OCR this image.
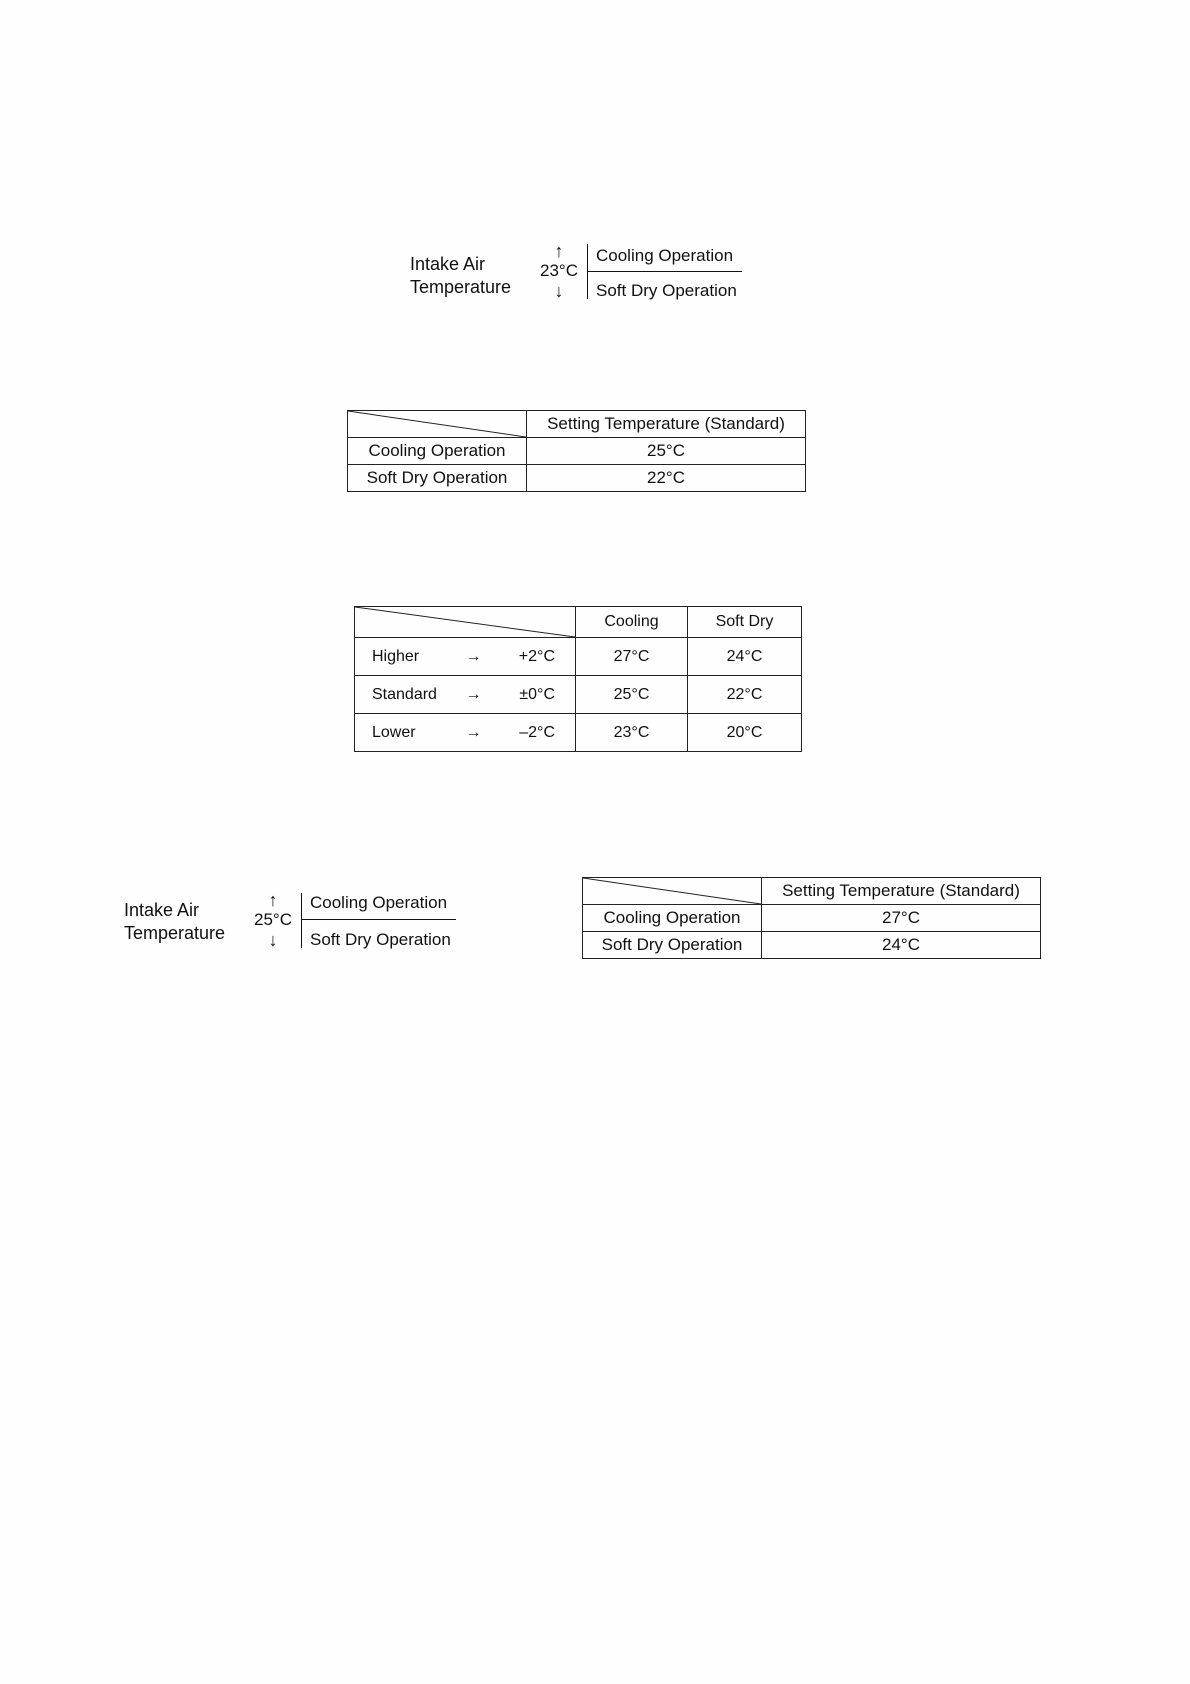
Intake Air
Temperature
↑
23°C
↓
Cooling Operation
Soft Dry Operation
	Setting Temperature (Standard)
Cooling Operation	25°C
Soft Dry Operation	22°C
	Cooling	Soft Dry

Higher → +2°C	27°C	24°C

Standard → ±0°C	25°C	22°C

Lower → –2°C	23°C	20°C
Intake Air
Temperature
↑
25°C
↓
Cooling Operation
Soft Dry Operation
	Setting Temperature (Standard)
Cooling Operation	27°C
Soft Dry Operation	24°C
